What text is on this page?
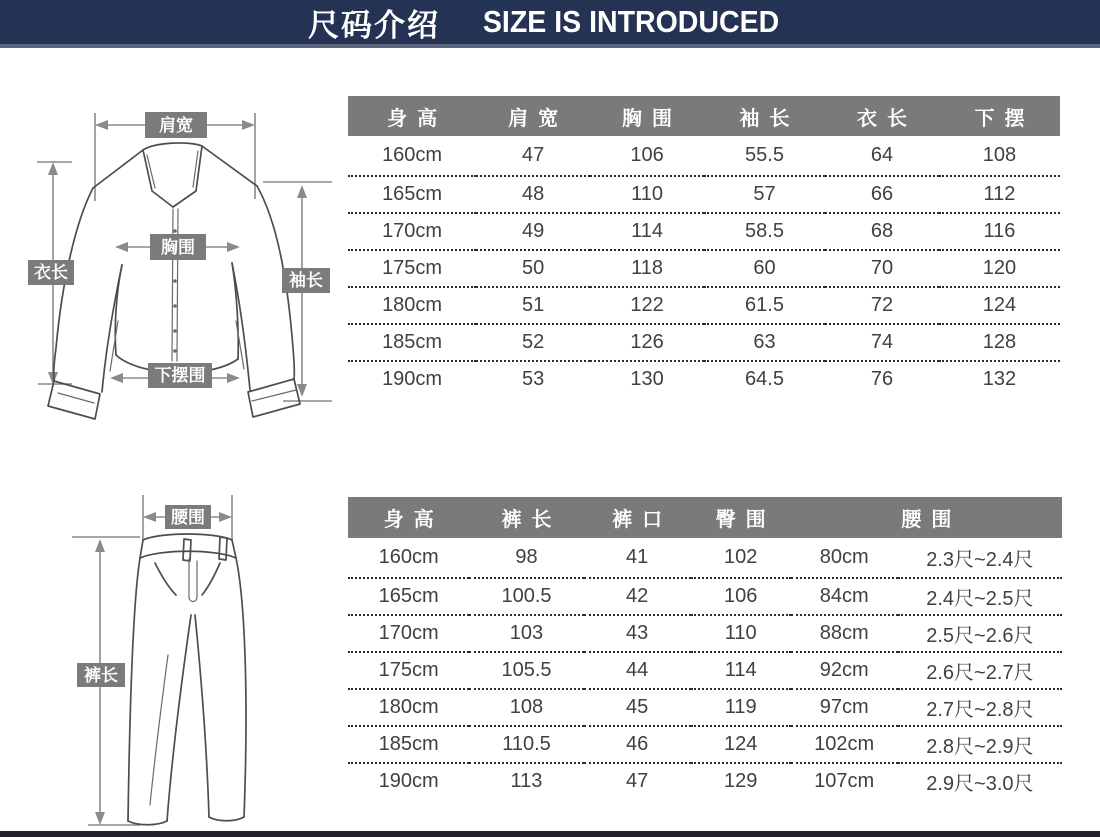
尺码介绍 SIZE IS INTRODUCED
肩宽
胸围
衣长	袖长
下摆围
身高	肩宽	胸围	袖长	衣长	下摆
160cm	47	106	55.5	64	108
165cm	48	110	57	66	112
170cm	49	114	58.5	68	116
175cm	50	118	60	70	120
180cm	51	122	61.5	72	124
185cm	52	126	63	74	128
190cm	53	130	64.5	76	132
腰围
裤长
身高	裤长	裤口	臀围	腰围	
160cm	98	41	102	80cm	2.3尺~2.4尺
165cm	100.5	42	106	84cm	2.4尺~2.5尺
170cm	103	43	110	88cm	2.5尺~2.6尺
175cm	105.5	44	114	92cm	2.6尺~2.7尺
180cm	108	45	119	97cm	2.7尺~2.8尺
185cm	110.5	46	124	102cm	2.8尺~2.9尺
190cm	113	47	129	107cm	2.9尺~3.0尺
